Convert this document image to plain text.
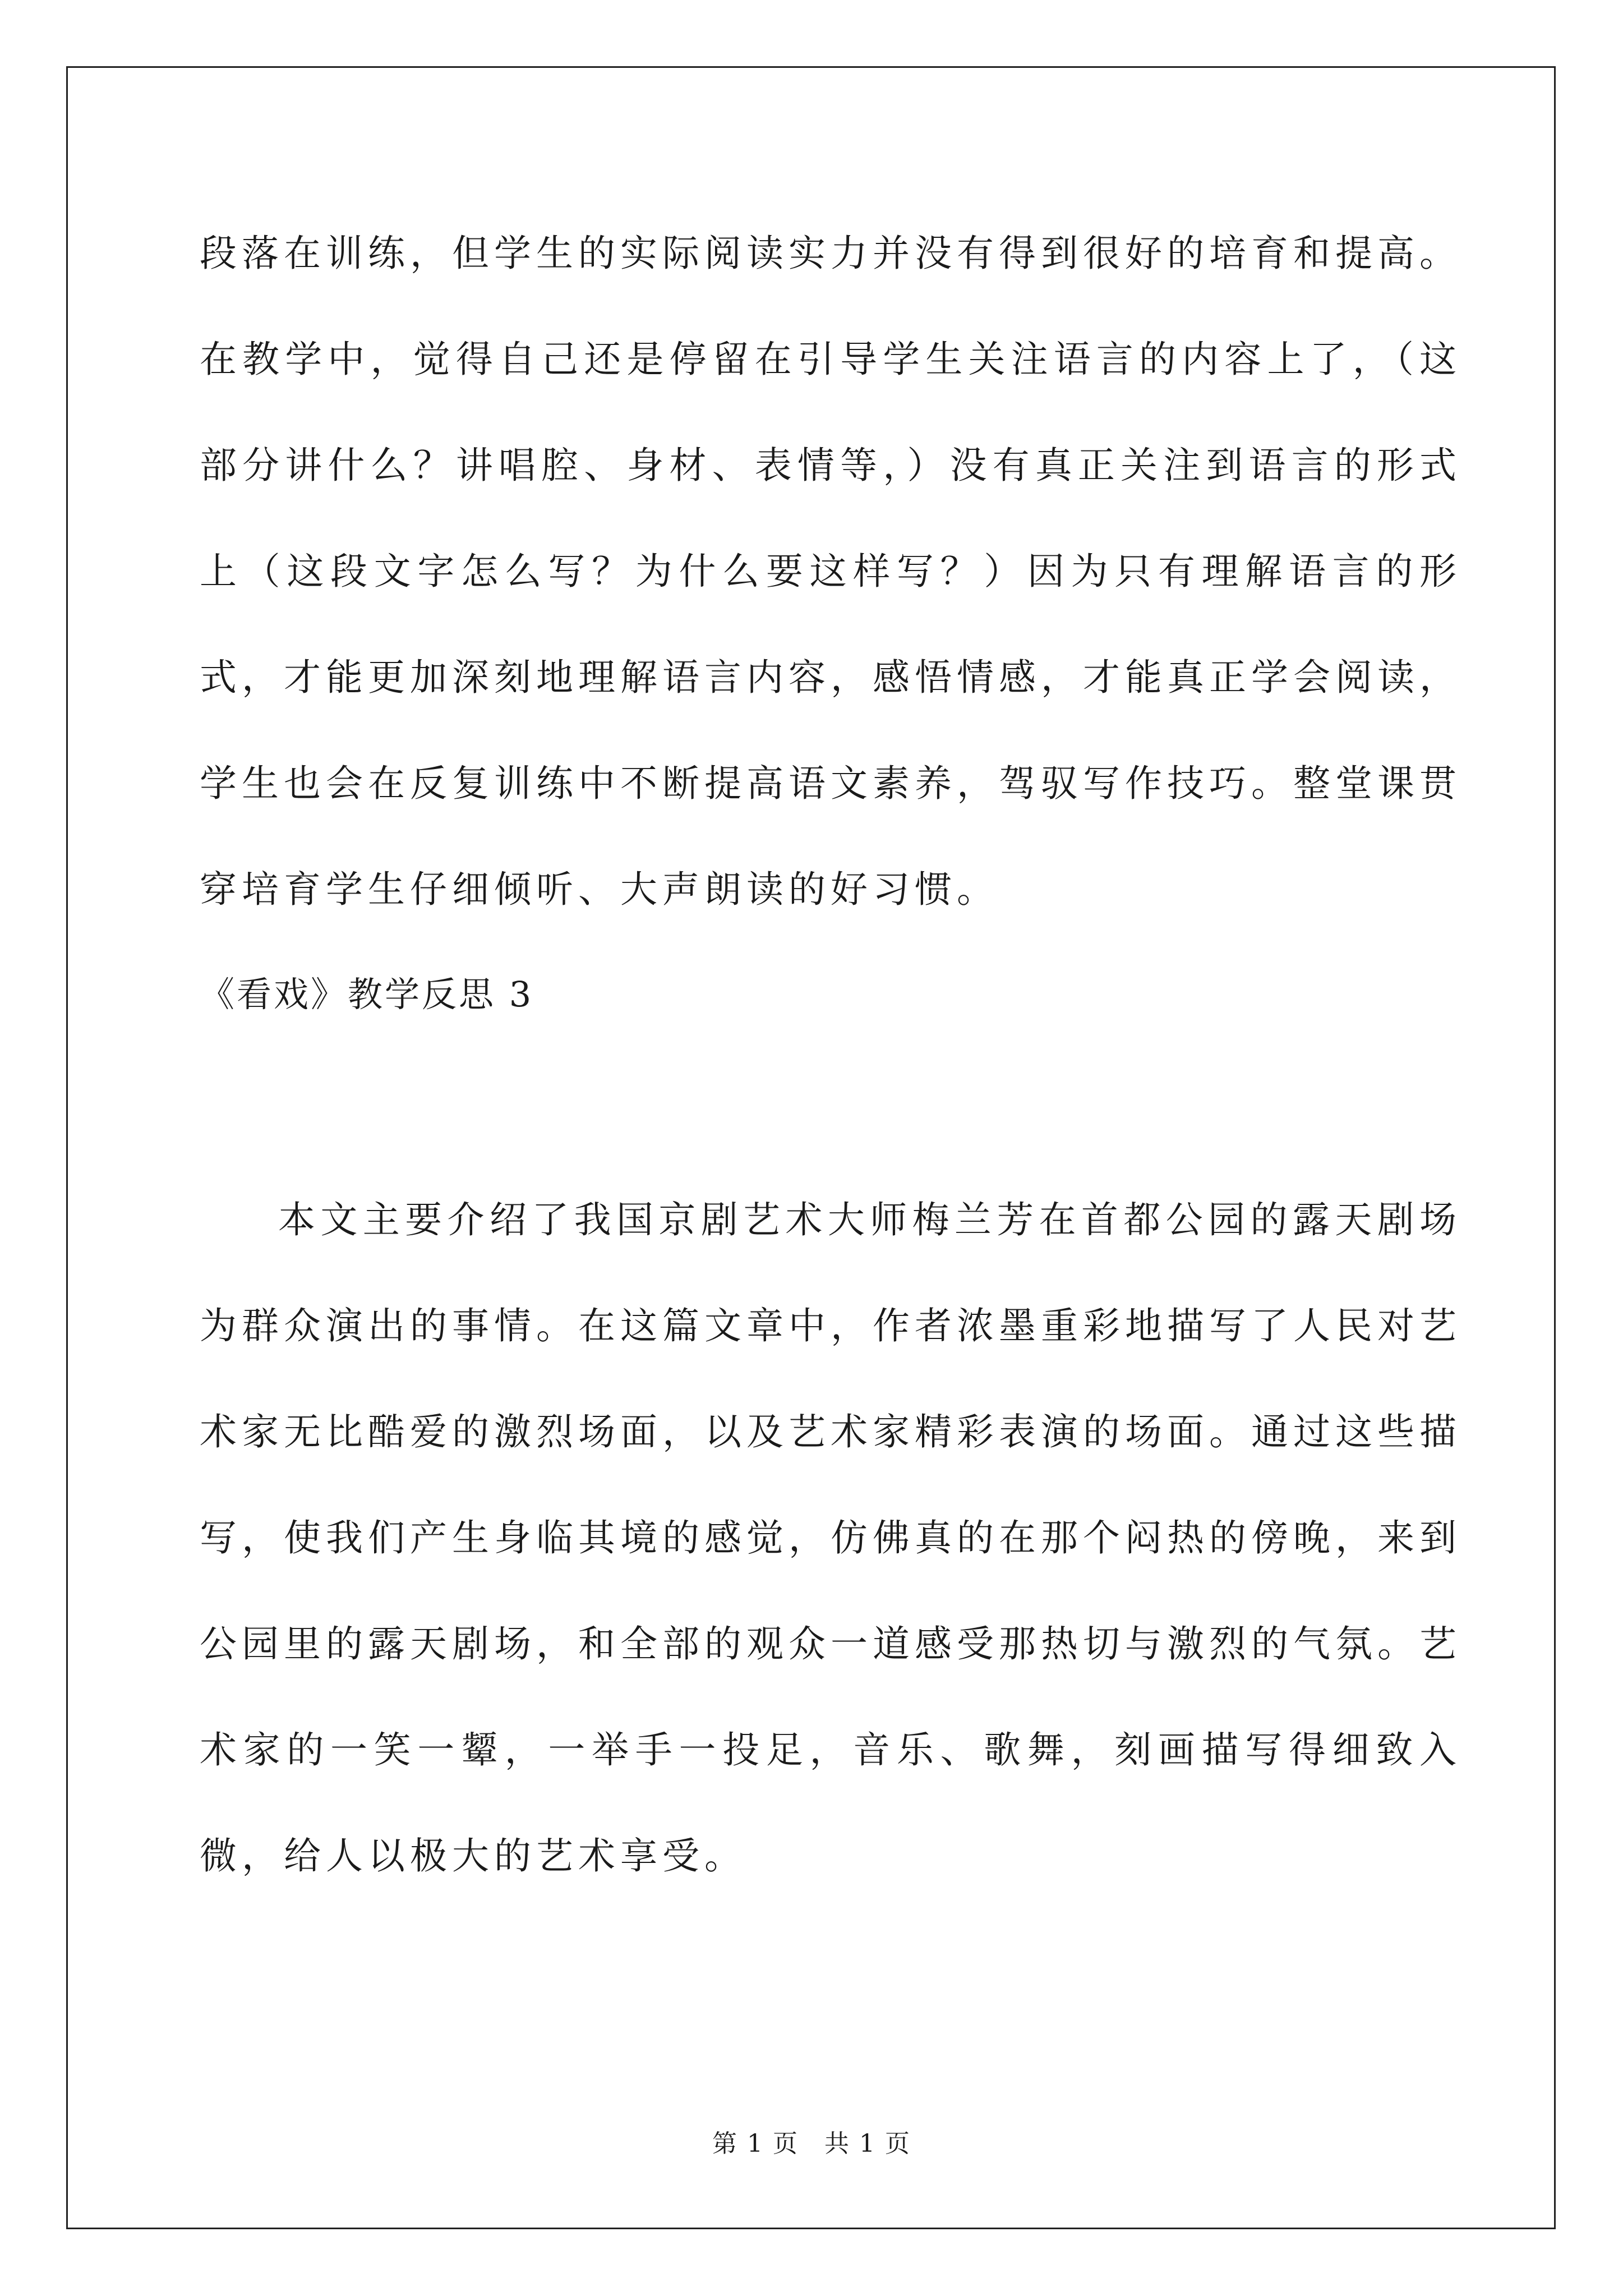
段落在训练，但学生的实际阅读实力并没有得到很好的培育和提高。在教学中，觉得自己还是停留在引导学生关注语言的内容上了，（这部分讲什么？讲唱腔、身材、表情等，）没有真正关注到语言的形式上（这段文字怎么写？为什么要这样写？）因为只有理解语言的形式，才能更加深刻地理解语言内容，感悟情感，才能真正学会阅读，学生也会在反复训练中不断提高语文素养，驾驭写作技巧。整堂课贯穿培育学生仔细倾听、大声朗读的好习惯。

《看戏》教学反思 3

本文主要介绍了我国京剧艺术大师梅兰芳在首都公园的露天剧场为群众演出的事情。在这篇文章中，作者浓墨重彩地描写了人民对艺术家无比酷爱的激烈场面，以及艺术家精彩表演的场面。通过这些描写，使我们产生身临其境的感觉，仿佛真的在那个闷热的傍晚，来到公园里的露天剧场，和全部的观众一道感受那热切与激烈的气氛。艺术家的一笑一颦，一举手一投足，音乐、歌舞，刻画描写得细致入微，给人以极大的艺术享受。

第 1 页　共 1 页
